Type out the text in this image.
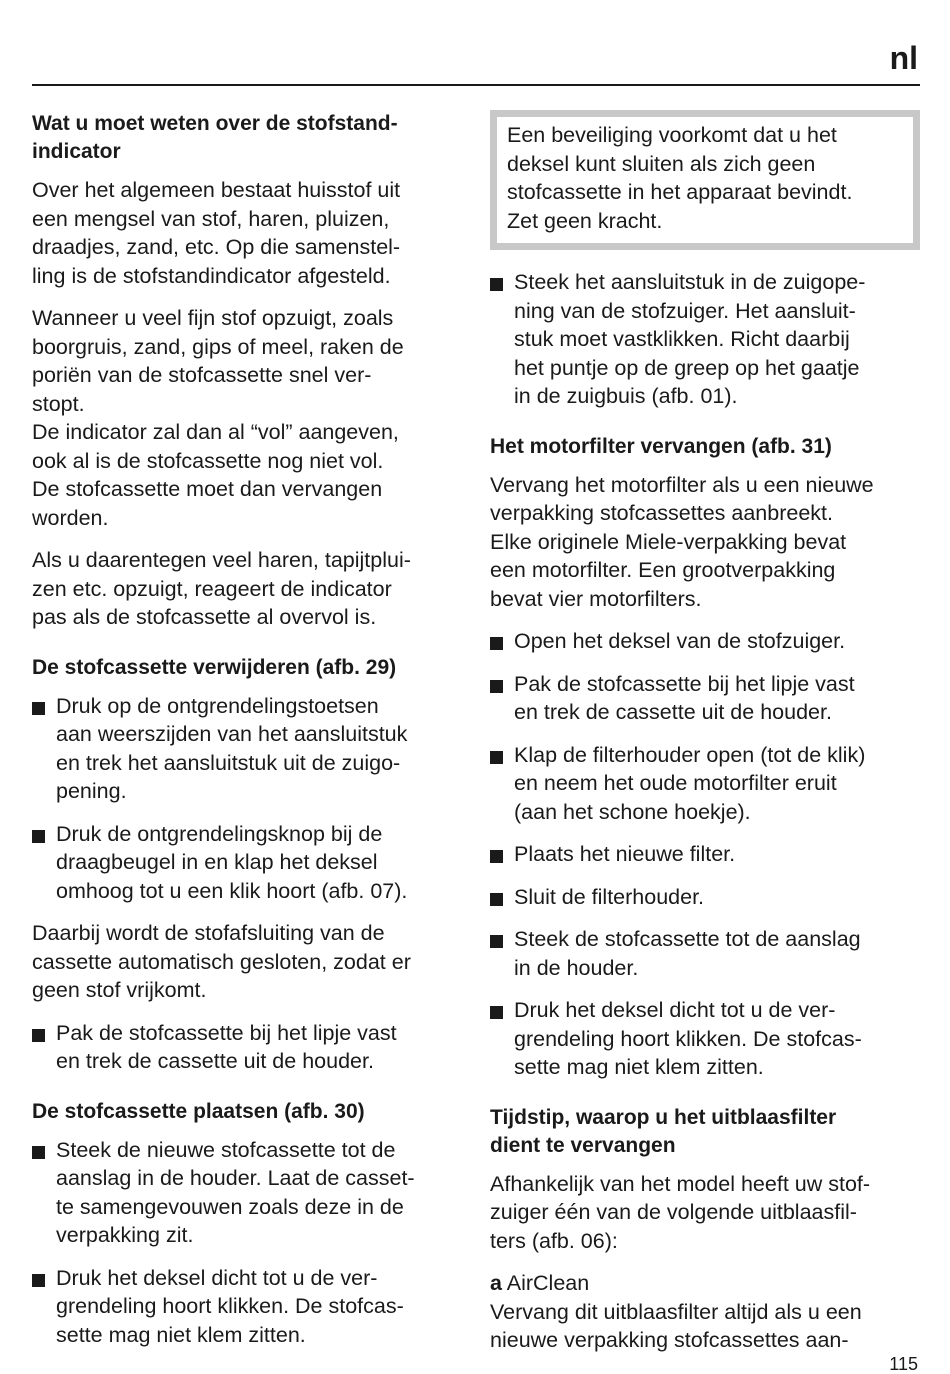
nl
Wat u moet weten over de stofstand-
indicator
Over het algemeen bestaat huisstof uit
een mengsel van stof, haren, pluizen,
draadjes, zand, etc. Op die samenstel-
ling is de stofstandindicator afgesteld.
Wanneer u veel fijn stof opzuigt, zoals
boorgruis, zand, gips of meel, raken de
poriën van de stofcassette snel ver-
stopt.
De indicator zal dan al “vol” aangeven,
ook al is de stofcassette nog niet vol.
De stofcassette moet dan vervangen
worden.
Als u daarentegen veel haren, tapijtplui-
zen etc. opzuigt, reageert de indicator
pas als de stofcassette al overvol is.
De stofcassette verwijderen (afb. 29)
Druk op de ontgrendelingstoetsen
aan weerszijden van het aansluitstuk
en trek het aansluitstuk uit de zuigo-
pening.
Druk de ontgrendelingsknop bij de
draagbeugel in en klap het deksel
omhoog tot u een klik hoort (afb. 07).
Daarbij wordt de stofafsluiting van de
cassette automatisch gesloten, zodat er
geen stof vrijkomt.
Pak de stofcassette bij het lipje vast
en trek de cassette uit de houder.
De stofcassette plaatsen (afb. 30)
Steek de nieuwe stofcassette tot de
aanslag in de houder. Laat de casset-
te samengevouwen zoals deze in de
verpakking zit.
Druk het deksel dicht tot u de ver-
grendeling hoort klikken. De stofcas-
sette mag niet klem zitten.
Een beveiliging voorkomt dat u het
deksel kunt sluiten als zich geen
stofcassette in het apparaat bevindt.
Zet geen kracht.
Steek het aansluitstuk in de zuigope-
ning van de stofzuiger. Het aansluit-
stuk moet vastklikken. Richt daarbij
het puntje op de greep op het gaatje
in de zuigbuis (afb. 01).
Het motorfilter vervangen (afb. 31)
Vervang het motorfilter als u een nieuwe
verpakking stofcassettes aanbreekt.
Elke originele Miele-verpakking bevat
een motorfilter. Een grootverpakking
bevat vier motorfilters.
Open het deksel van de stofzuiger.
Pak de stofcassette bij het lipje vast
en trek de cassette uit de houder.
Klap de filterhouder open (tot de klik)
en neem het oude motorfilter eruit
(aan het schone hoekje).
Plaats het nieuwe filter.
Sluit de filterhouder.
Steek de stofcassette tot de aanslag
in de houder.
Druk het deksel dicht tot u de ver-
grendeling hoort klikken. De stofcas-
sette mag niet klem zitten.
Tijdstip, waarop u het uitblaasfilter
dient te vervangen
Afhankelijk van het model heeft uw stof-
zuiger één van de volgende uitblaasfil-
ters (afb. 06):
a AirClean
Vervang dit uitblaasfilter altijd als u een
nieuwe verpakking stofcassettes aan-
115
